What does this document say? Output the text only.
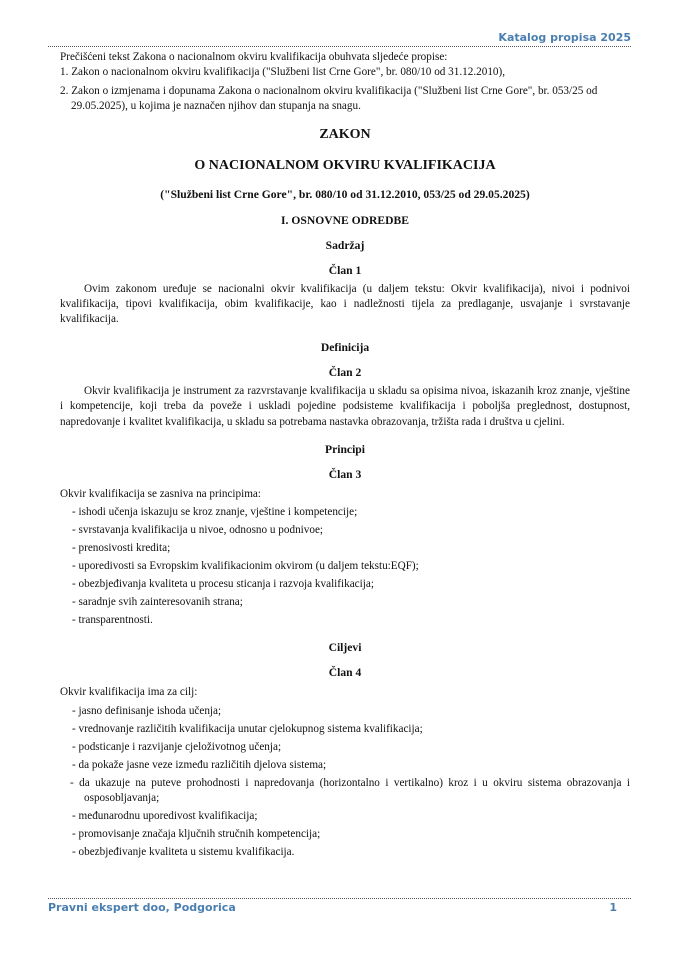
Katalog propisa 2025

Prečišćeni tekst Zakona o nacionalnom okviru kvalifikacija obuhvata sljedeće propise:

1. Zakon o nacionalnom okviru kvalifikacija ("Službeni list Crne Gore", br. 080/10 od 31.12.2010),

2. Zakon o izmjenama i dopunama Zakona o nacionalnom okviru kvalifikacija ("Službeni list Crne Gore", br. 053/25 od 29.05.2025), u kojima je naznačen njihov dan stupanja na snagu.

ZAKON
O NACIONALNOM OKVIRU KVALIFIKACIJA
("Službeni list Crne Gore", br. 080/10 od 31.12.2010, 053/25 od 29.05.2025)
I. OSNOVNE ODREDBE
Sadržaj
Član 1

Ovim zakonom uređuje se nacionalni okvir kvalifikacija (u daljem tekstu: Okvir kvalifikacija), nivoi i podnivoi kvalifikacija, tipovi kvalifikacija, obim kvalifikacije, kao i nadležnosti tijela za predlaganje, usvajanje i svrstavanje kvalifikacija.

Definicija
Član 2

Okvir kvalifikacija je instrument za razvrstavanje kvalifikacija u skladu sa opisima nivoa, iskazanih kroz znanje, vještine i kompetencije, koji treba da poveže i uskladi pojedine podsisteme kvalifikacija i poboljša preglednost, dostupnost, napredovanje i kvalitet kvalifikacija, u skladu sa potrebama nastavka obrazovanja, tržišta rada i društva u cjelini.

Principi
Član 3

Okvir kvalifikacija se zasniva na principima:

- ishodi učenja iskazuju se kroz znanje, vještine i kompetencije;
- svrstavanja kvalifikacija u nivoe, odnosno u podnivoe;
- prenosivosti kredita;
- uporedivosti sa Evropskim kvalifikacionim okvirom (u daljem tekstu:EQF);
- obezbjeđivanja kvaliteta u procesu sticanja i razvoja kvalifikacija;
- saradnje svih zainteresovanih strana;
- transparentnosti.
Ciljevi
Član 4

Okvir kvalifikacija ima za cilj:

- jasno definisanje ishoda učenja;
- vrednovanje različitih kvalifikacija unutar cjelokupnog sistema kvalifikacija;
- podsticanje i razvijanje cjeloživotnog učenja;
- da pokaže jasne veze između različitih djelova sistema;
- da ukazuje na puteve prohodnosti i napredovanja (horizontalno i vertikalno) kroz i u okviru sistema obrazovanja i osposobljavanja;
- međunarodnu uporedivost kvalifikacija;
- promovisanje značaja ključnih stručnih kompetencija;
- obezbjeđivanje kvaliteta u sistemu kvalifikacija.
Pravni ekspert doo, Podgorica	1
